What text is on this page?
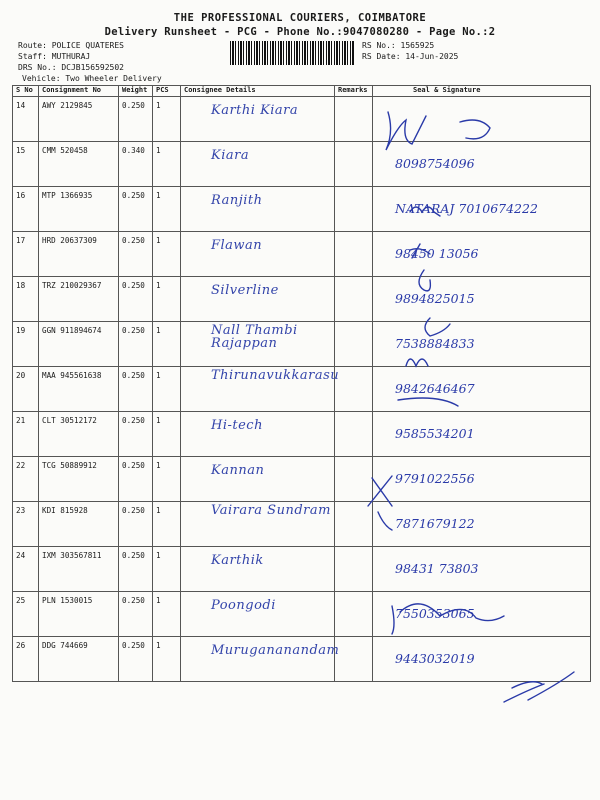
THE PROFESSIONAL COURIERS, COIMBATORE
Delivery Runsheet - PCG - Phone No.:9047080280 - Page No.:2
Route: POLICE QUATERES
Staff: MUTHURAJ
DRS No.: DCJB156592502
Vehicle: Two Wheeler Delivery
RS No.: 1565925
RS Date: 14-Jun-2025
S No	Consignment No	Weight	PCS	Consignee Details	Remarks	Seal & Signature
14	AWY 2129845	0.250	1	Karthi Kiara		

15	CMM 520458	0.340	1	Kiara		8098754096

16	MTP 1366935	0.250	1	Ranjith		NATARAJ 7010674222

17	HRD 20637309	0.250	1	Flawan		98450 13056

18	TRZ 210029367	0.250	1	Silverline		9894825015

19	GGN 911894674	0.250	1	Nall Thambi Rajappan		7538884833

20	MAA 945561638	0.250	1	Thirunavukkarasu		9842646467

21	CLT 30512172	0.250	1	Hi-tech		9585534201

22	TCG 50889912	0.250	1	Kannan		9791022556

23	KDI 815928	0.250	1	Vairara Sundram		7871679122

24	IXM 303567811	0.250	1	Karthik		98431 73803

25	PLN 1530015	0.250	1	Poongodi		7550353065

26	DDG 744669	0.250	1	Murugananandam		9443032019
